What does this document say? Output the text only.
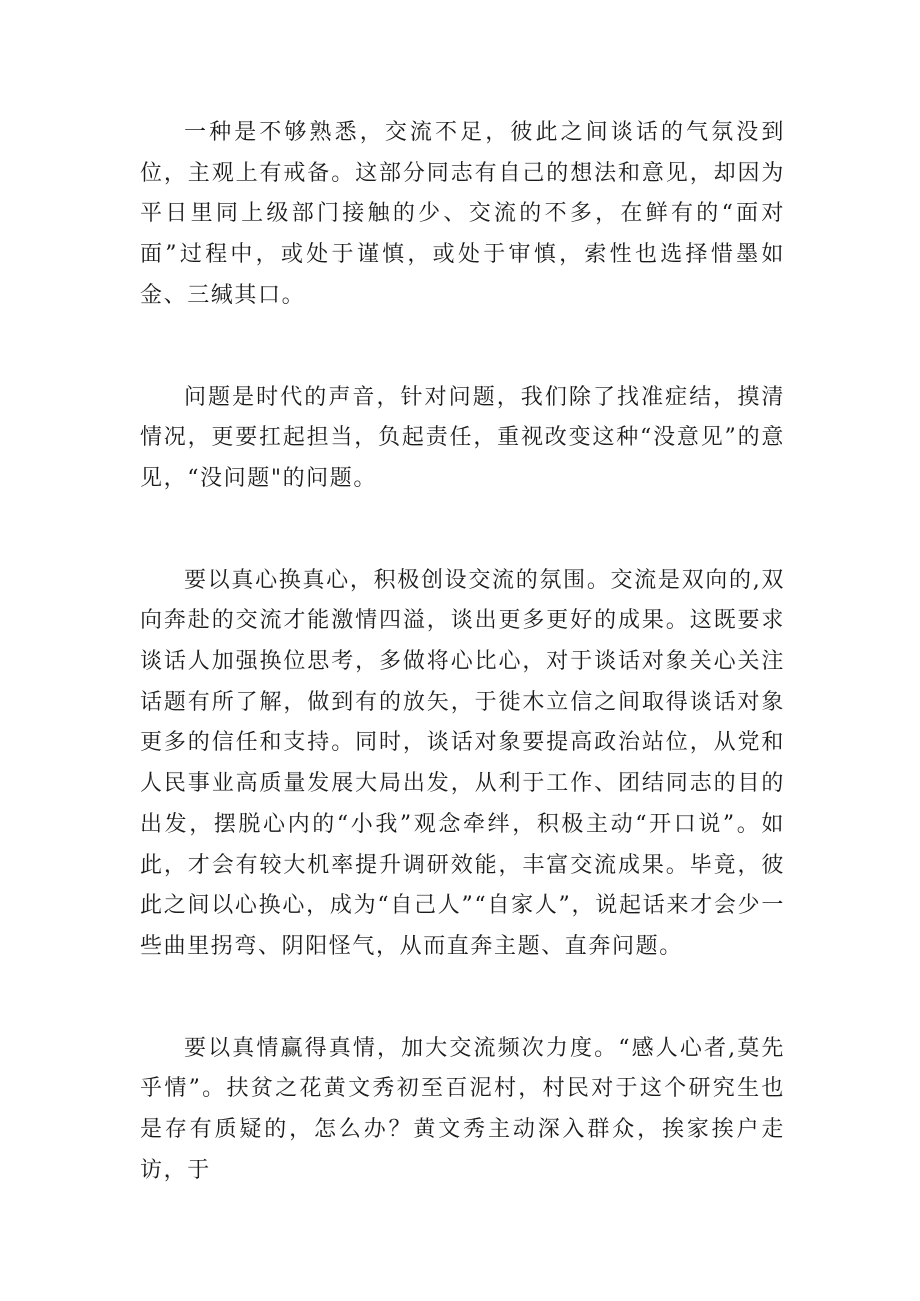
一种是不够熟悉，交流不足，彼此之间谈话的气氛没到位，主观上有戒备。这部分同志有自己的想法和意见，却因为平日里同上级部门接触的少、交流的不多，在鲜有的“面对面”过程中，或处于谨慎，或处于审慎，索性也选择惜墨如金、三缄其口。

问题是时代的声音，针对问题，我们除了找准症结，摸清情况，更要扛起担当，负起责任，重视改变这种“没意见”的意见，“没问题"的问题。

要以真心换真心，积极创设交流的氛围。交流是双向的,双向奔赴的交流才能激情四溢，谈出更多更好的成果。这既要求谈话人加强换位思考，多做将心比心，对于谈话对象关心关注话题有所了解，做到有的放矢，于徙木立信之间取得谈话对象更多的信任和支持。同时，谈话对象要提高政治站位，从党和人民事业高质量发展大局出发，从利于工作、团结同志的目的出发，摆脱心内的“小我”观念牵绊，积极主动“开口说”。如此，才会有较大机率提升调研效能，丰富交流成果。毕竟，彼此之间以心换心，成为“自己人”“自家人”，说起话来才会少一些曲里拐弯、阴阳怪气，从而直奔主题、直奔问题。

要以真情赢得真情，加大交流频次力度。“感人心者,莫先乎情”。扶贫之花黄文秀初至百泥村，村民对于这个研究生也是存有质疑的，怎么办？黄文秀主动深入群众，挨家挨户走访，于
